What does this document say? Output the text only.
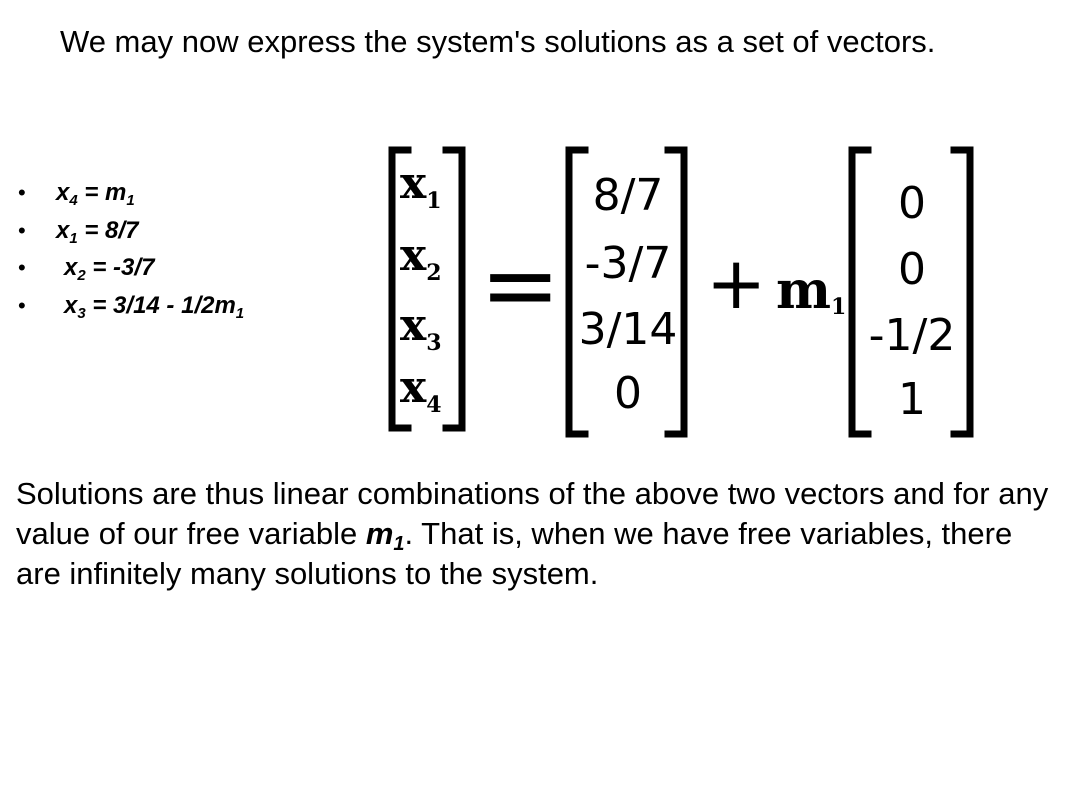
We may now express the system's solutions as a set of vectors.

• $x_4 = m_1$
• $x_1 = 8/7$
• $x_2 = -3/7$
• $x_3 = 3/14 - 1/2m_1$
$x_1$
$x_2$
$x_3$
$x_4$
=
8/7
-3/7
3/14
0
+ m1
0
0
-1/2
1

Solutions are thus linear combinations of the above two vectors and for any value of our free variable $m_1$. That is, when we have free variables, there are infinitely many solutions to the system.
